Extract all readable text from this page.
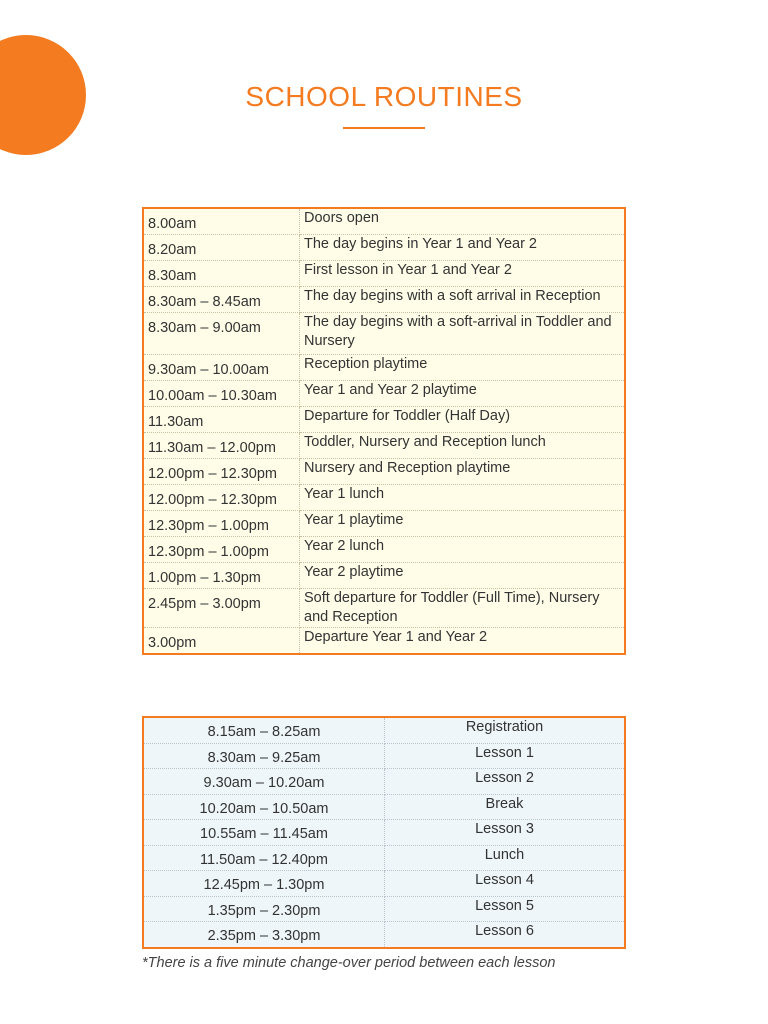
SCHOOL ROUTINES
8.00am	Doors open

8.20am	The day begins in Year 1 and Year 2

8.30am	First lesson in Year 1 and Year 2

8.30am – 8.45am	The day begins with a soft arrival in Reception

8.30am – 9.00am	The day begins with a soft-arrival in Toddler and Nursery

9.30am – 10.00am	Reception playtime

10.00am – 10.30am	Year 1 and Year 2 playtime

11.30am	Departure for Toddler (Half Day)

11.30am – 12.00pm	Toddler, Nursery and Reception lunch

12.00pm – 12.30pm	Nursery and Reception playtime

12.00pm – 12.30pm	Year 1 lunch

12.30pm – 1.00pm	Year 1 playtime

12.30pm – 1.00pm	Year 2 lunch

1.00pm – 1.30pm	Year 2 playtime

2.45pm – 3.00pm	Soft departure for Toddler (Full Time), Nursery and Reception

3.00pm	Departure Year 1 and Year 2
8.15am – 8.25am	Registration

8.30am – 9.25am	Lesson 1

9.30am – 10.20am	Lesson 2

10.20am – 10.50am	Break

10.55am – 11.45am	Lesson 3

11.50am – 12.40pm	Lunch

12.45pm – 1.30pm	Lesson 4

1.35pm – 2.30pm	Lesson 5

2.35pm – 3.30pm	Lesson 6
*There is a five minute change-over period between each lesson
